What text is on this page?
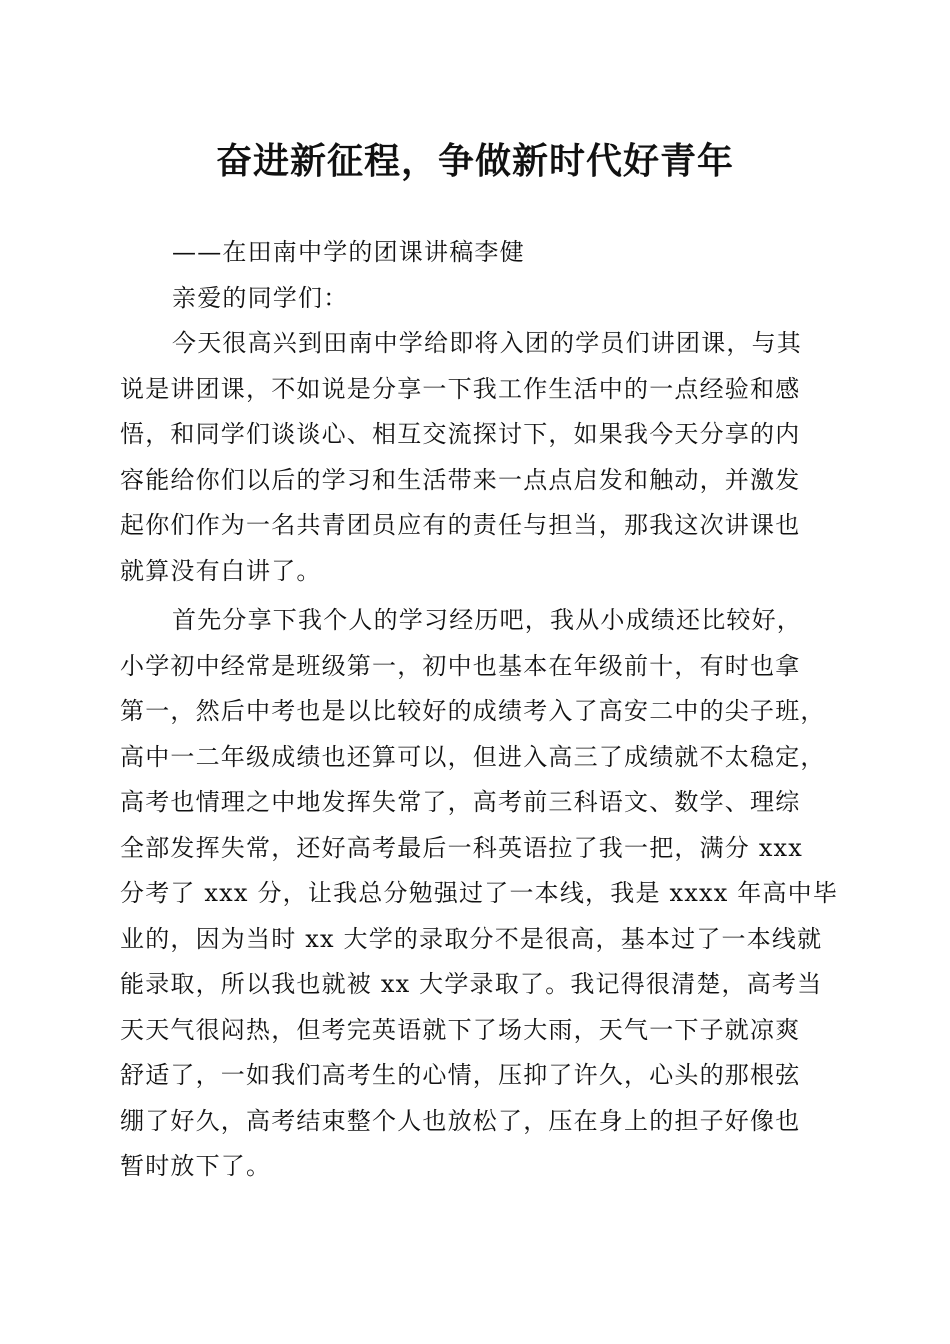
奋进新征程，争做新时代好青年
——在田南中学的团课讲稿李健
亲爱的同学们：
今天很高兴到田南中学给即将入团的学员们讲团课，与其
说是讲团课，不如说是分享一下我工作生活中的一点经验和感
悟，和同学们谈谈心、相互交流探讨下，如果我今天分享的内
容能给你们以后的学习和生活带来一点点启发和触动，并激发
起你们作为一名共青团员应有的责任与担当，那我这次讲课也
就算没有白讲了。
首先分享下我个人的学习经历吧，我从小成绩还比较好，
小学初中经常是班级第一，初中也基本在年级前十，有时也拿
第一，然后中考也是以比较好的成绩考入了高安二中的尖子班，
高中一二年级成绩也还算可以，但进入高三了成绩就不太稳定，
高考也情理之中地发挥失常了，高考前三科语文、数学、理综
全部发挥失常，还好高考最后一科英语拉了我一把，满分 xxx
分考了 xxx 分，让我总分勉强过了一本线，我是 xxxx 年高中毕
业的，因为当时 xx 大学的录取分不是很高，基本过了一本线就
能录取，所以我也就被 xx 大学录取了。我记得很清楚，高考当
天天气很闷热，但考完英语就下了场大雨，天气一下子就凉爽
舒适了，一如我们高考生的心情，压抑了许久，心头的那根弦
绷了好久，高考结束整个人也放松了，压在身上的担子好像也
暂时放下了。
